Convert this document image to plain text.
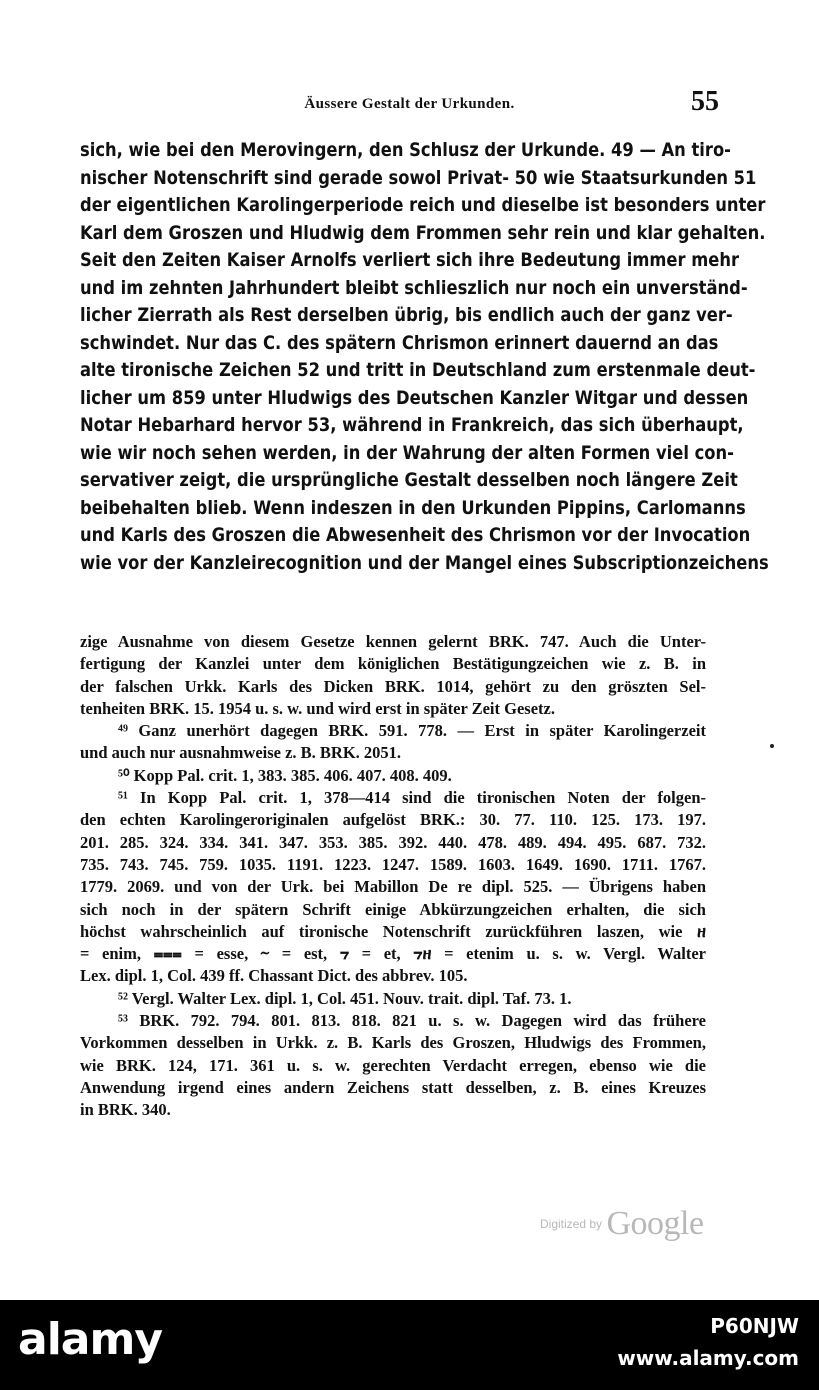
Äussere Gestalt der Urkunden.	55
sich, wie bei den Merovingern, den Schlusz der Urkunde. 49 — An tiro-
nischer Notenschrift sind gerade sowol Privat- 50 wie Staatsurkunden 51
der eigentlichen Karolingerperiode reich und dieselbe ist besonders unter
Karl dem Groszen und Hludwig dem Frommen sehr rein und klar gehalten.
Seit den Zeiten Kaiser Arnolfs verliert sich ihre Bedeutung immer mehr
und im zehnten Jahrhundert bleibt schlieszlich nur noch ein unverständ-
licher Zierrath als Rest derselben übrig, bis endlich auch der ganz ver-
schwindet. Nur das C. des spätern Chrismon erinnert dauernd an das
alte tironische Zeichen 52 und tritt in Deutschland zum erstenmale deut-
licher um 859 unter Hludwigs des Deutschen Kanzler Witgar und dessen
Notar Hebarhard hervor 53, während in Frankreich, das sich überhaupt,
wie wir noch sehen werden, in der Wahrung der alten Formen viel con-
servativer zeigt, die ursprüngliche Gestalt desselben noch längere Zeit
beibehalten blieb. Wenn indeszen in den Urkunden Pippins, Carlomanns
und Karls des Groszen die Abwesenheit des Chrismon vor der Invocation
wie vor der Kanzleirecognition und der Mangel eines Subscriptionzeichens
zige Ausnahme von diesem Gesetze kennen gelernt BRK. 747. Auch die Unter-
fertigung der Kanzlei unter dem königlichen Bestätigungzeichen wie z. B. in
der falschen Urkk. Karls des Dicken BRK. 1014, gehört zu den gröszten Sel-
tenheiten BRK. 15. 1954 u. s. w. und wird erst in später Zeit Gesetz.
⁴⁹ Ganz unerhört dagegen BRK. 591. 778. — Erst in später Karolingerzeit
und auch nur ausnahmweise z. B. BRK. 2051.
⁵⁰ Kopp Pal. crit. 1, 383. 385. 406. 407. 408. 409.
⁵¹ In Kopp Pal. crit. 1, 378—414 sind die tironischen Noten der folgen-
den echten Karolingeroriginalen aufgelöst BRK.: 30. 77. 110. 125. 173. 197.
201. 285. 324. 334. 341. 347. 353. 385. 392. 440. 478. 489. 494. 495. 687. 732.
735. 743. 745. 759. 1035. 1191. 1223. 1247. 1589. 1603. 1649. 1690. 1711. 1767.
1779. 2069. und von der Urk. bei Mabillon De re dipl. 525. — Übrigens haben
sich noch in der spätern Schrift einige Abkürzungzeichen erhalten, die sich
höchst wahrscheinlich auf tironische Notenschrift zurückführen laszen, wie ዘ
= enim, ⩶ = esse, ⁓ = est, ⁊ = et, ⁊ዘ = etenim u. s. w. Vergl. Walter
Lex. dipl. 1, Col. 439 ff. Chassant Dict. des abbrev. 105.
⁵² Vergl. Walter Lex. dipl. 1, Col. 451. Nouv. trait. dipl. Taf. 73. 1.
⁵³ BRK. 792. 794. 801. 813. 818. 821 u. s. w. Dagegen wird das frühere
Vorkommen desselben in Urkk. z. B. Karls des Groszen, Hludwigs des Frommen,
wie BRK. 124, 171. 361 u. s. w. gerechten Verdacht erregen, ebenso wie die
Anwendung irgend eines andern Zeichens statt desselben, z. B. eines Kreuzes
in BRK. 340.
Digitized by Google
alamy	P60NJW
www.alamy.com
